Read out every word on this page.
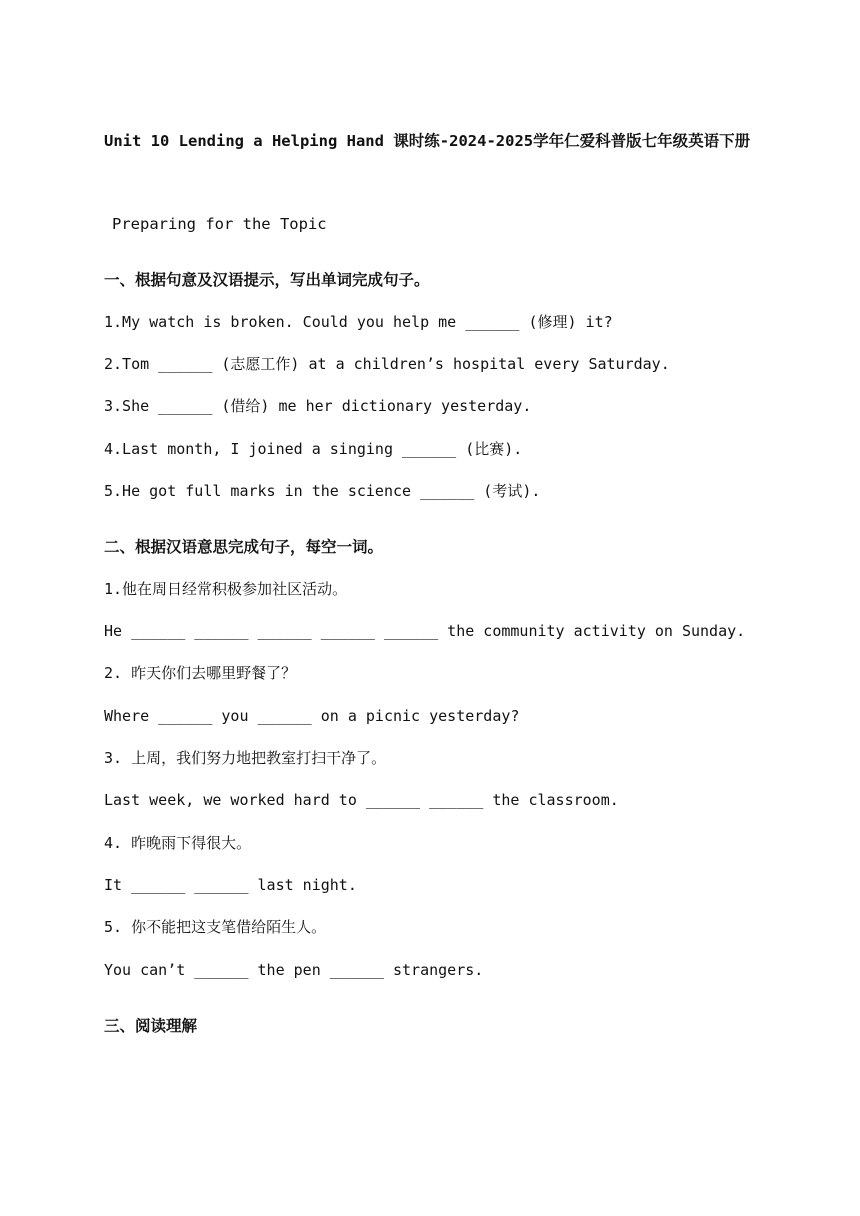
Unit 10 Lending a Helping Hand 课时练-2024-2025学年仁爱科普版七年级英语下册
Preparing for the Topic
一、根据句意及汉语提示，写出单词完成句子。
1.My watch is broken. Could you help me ______ (修理) it?
2.Tom ______ (志愿工作) at a children’s hospital every Saturday.
3.She ______ (借给) me her dictionary yesterday.
4.Last month, I joined a singing ______ (比赛).
5.He got full marks in the science ______ (考试).
二、根据汉语意思完成句子，每空一词。
1.他在周日经常积极参加社区活动。
He ______ ______ ______ ______ ______ the community activity on Sunday.
2. 昨天你们去哪里野餐了？
Where ______ you ______ on a picnic yesterday?
3. 上周，我们努力地把教室打扫干净了。
Last week, we worked hard to ______ ______ the classroom.
4. 昨晚雨下得很大。
It ______ ______ last night.
5. 你不能把这支笔借给陌生人。
You can’t ______ the pen ______ strangers.
三、阅读理解
